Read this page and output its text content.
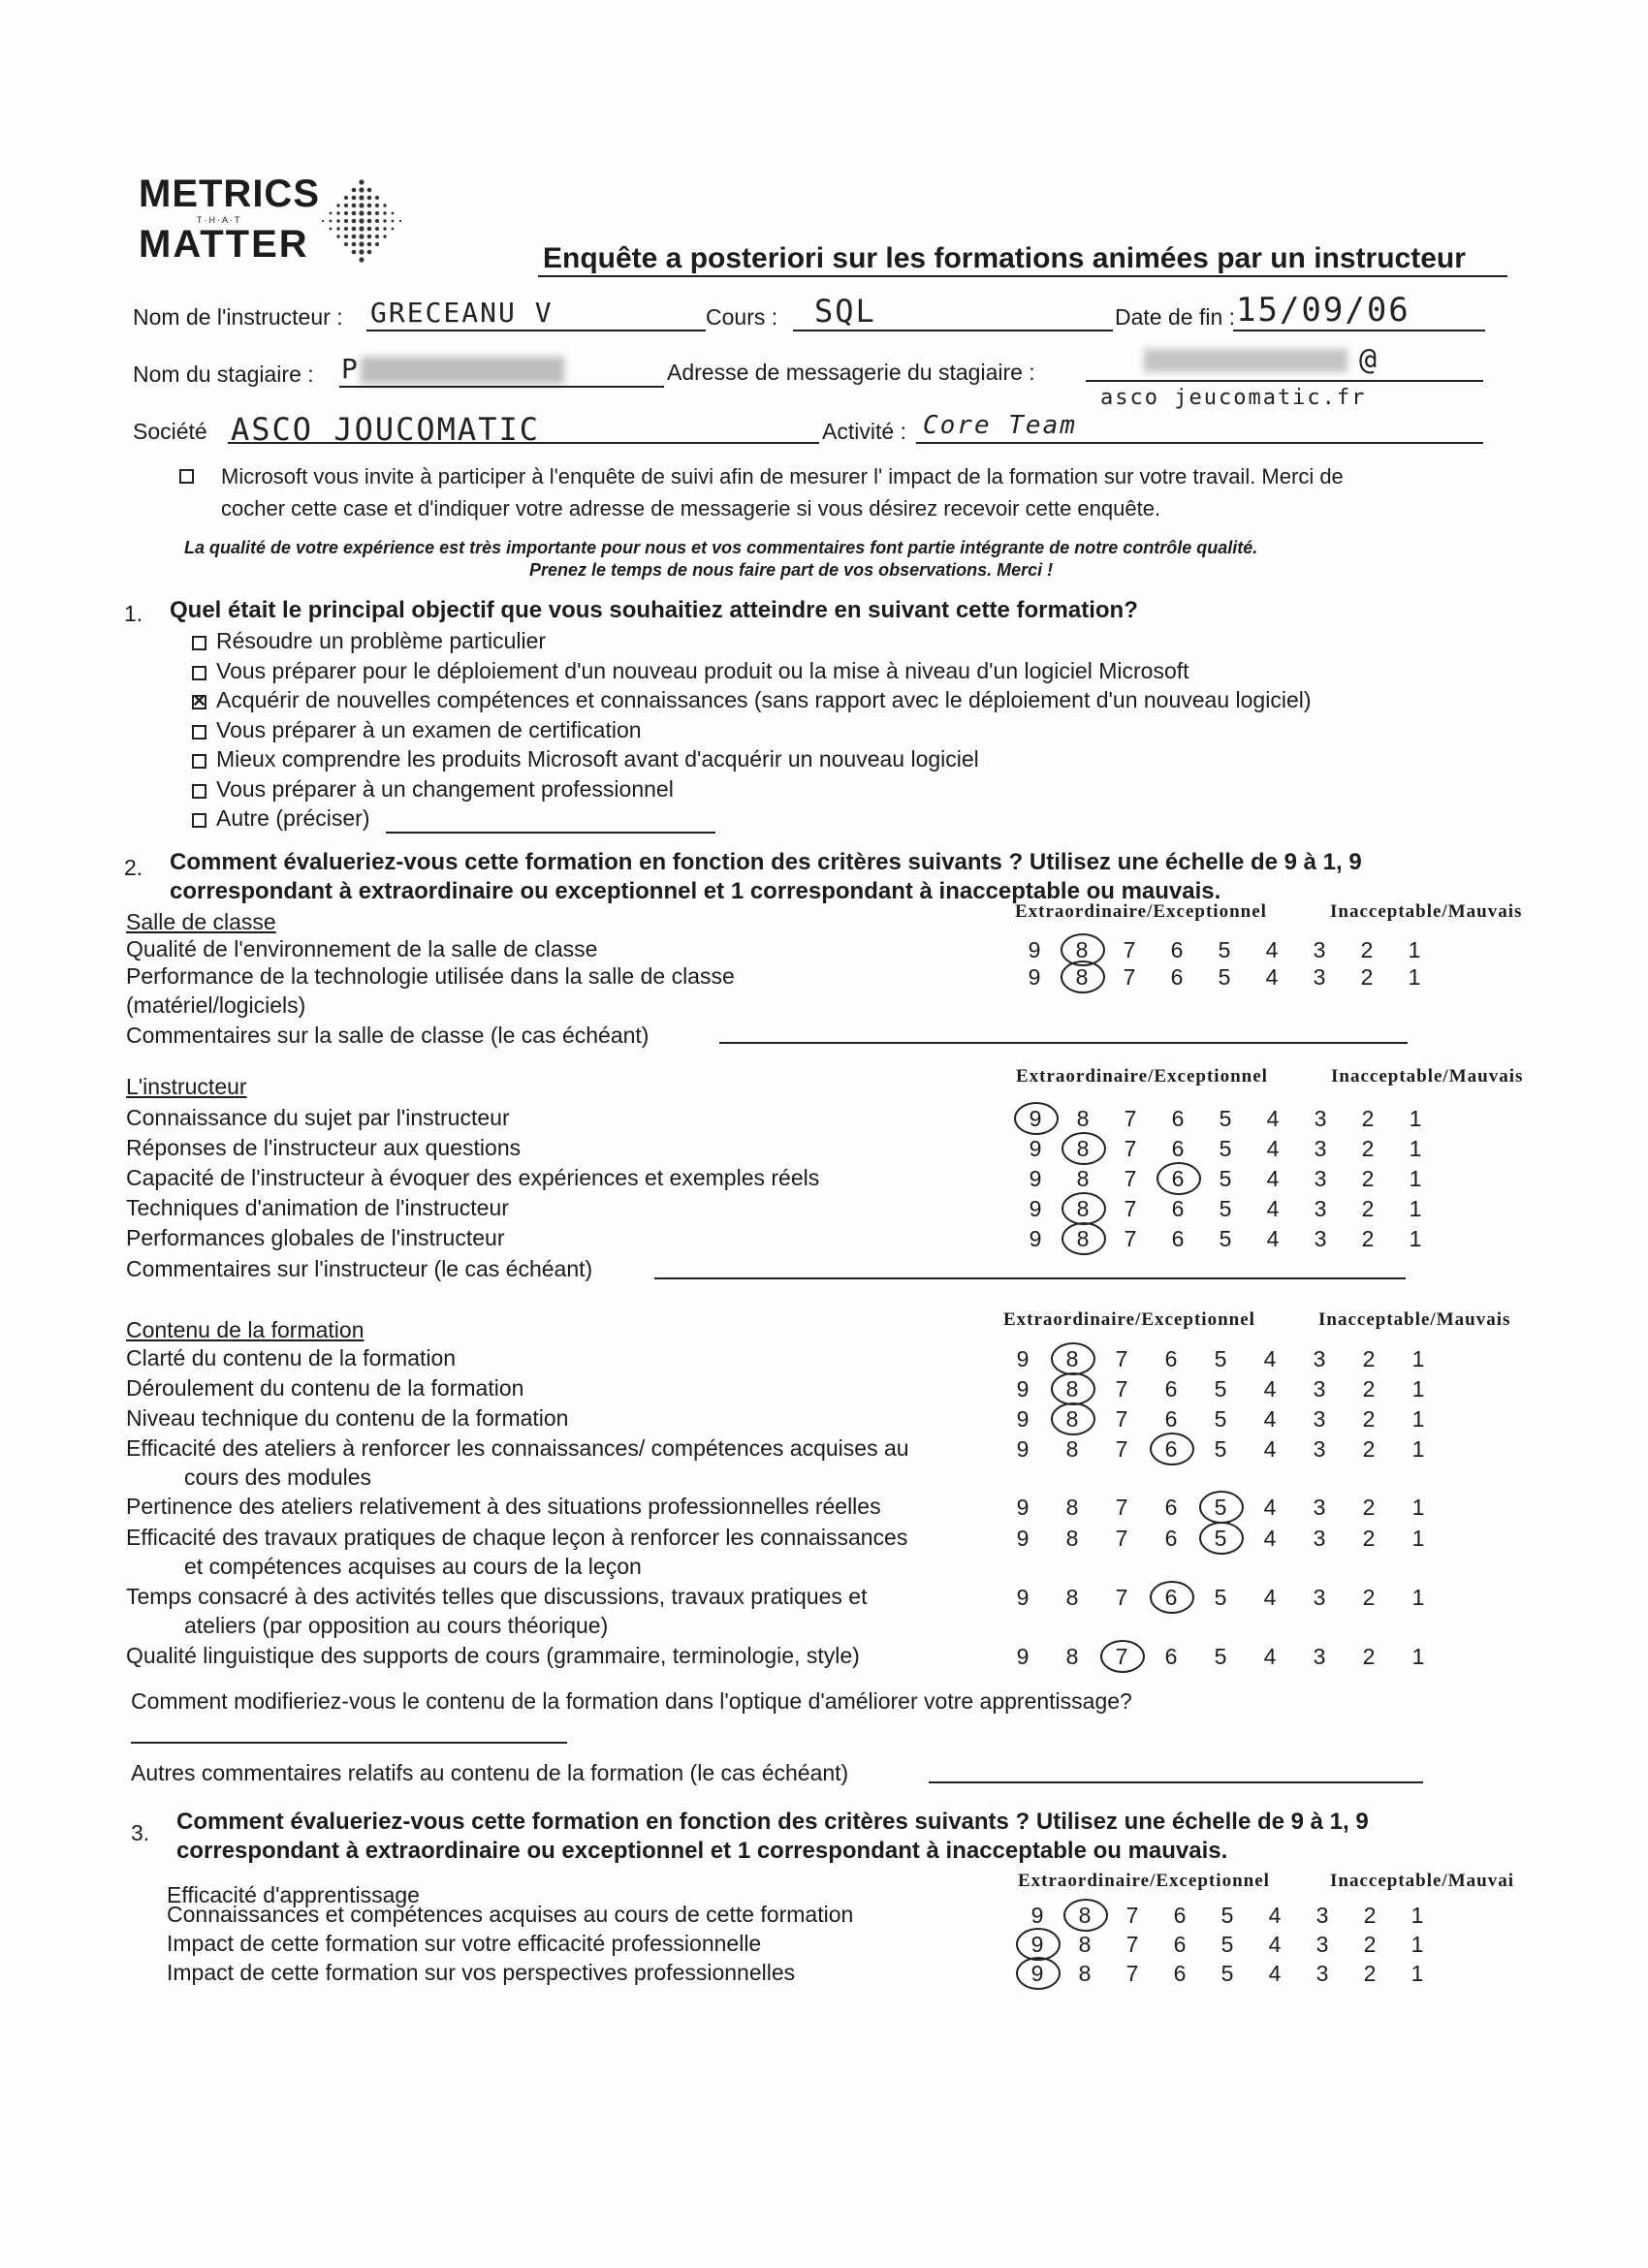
METRICS
T·H·A·T
MATTER	Enquête a posteriori sur les formations animées par un instructeur
Nom de l'instructeur : GRECEANU V	Cours : SQL	Date de fin : 15/09/06
Nom du stagiaire : P	Adresse de messagerie du stagiaire :	@
asco jeucomatic.fr
Société ASCO JOUCOMATIC	Activité : Core Team
Microsoft vous invite à participer à l'enquête de suivi afin de mesurer l' impact de la formation sur votre travail. Merci de
cocher cette case et d'indiquer votre adresse de messagerie si vous désirez recevoir cette enquête.
La qualité de votre expérience est très importante pour nous et vos commentaires font partie intégrante de notre contrôle qualité.
Prenez le temps de nous faire part de vos observations. Merci !
1. Quel était le principal objectif que vous souhaitiez atteindre en suivant cette formation?
Résoudre un problème particulier
Vous préparer pour le déploiement d'un nouveau produit ou la mise à niveau d'un logiciel Microsoft
✕Acquérir de nouvelles compétences et connaissances (sans rapport avec le déploiement d'un nouveau logiciel)
Vous préparer à un examen de certification
Mieux comprendre les produits Microsoft avant d'acquérir un nouveau logiciel
Vous préparer à un changement professionnel
Autre (préciser)
2. Comment évalueriez-vous cette formation en fonction des critères suivants ? Utilisez une échelle de 9 à 1, 9
correspondant à extraordinaire ou exceptionnel et 1 correspondant à inacceptable ou mauvais.
Salle de classe	Extraordinaire/Exceptionnel	Inacceptable/Mauvais
Qualité de l'environnement de la salle de classe	9 8 7 6 5 4 3 2 1
Performance de la technologie utilisée dans la salle de classe
(matériel/logiciels)
9 8 7 6 5 4 3 2 1
Commentaires sur la salle de classe (le cas échéant)
L'instructeur	Extraordinaire/Exceptionnel	Inacceptable/Mauvais
Connaissance du sujet par l'instructeur	9 8 7 6 5 4 3 2 1
Réponses de l'instructeur aux questions	9 8 7 6 5 4 3 2 1
Capacité de l'instructeur à évoquer des expériences et exemples réels	9 8 7 6 5 4 3 2 1
Techniques d'animation de l'instructeur	9 8 7 6 5 4 3 2 1
Performances globales de l'instructeur	9 8 7 6 5 4 3 2 1
Commentaires sur l'instructeur (le cas échéant)
Contenu de la formation	Extraordinaire/Exceptionnel	Inacceptable/Mauvais
Clarté du contenu de la formation	9 8 7 6 5 4 3 2 1
Déroulement du contenu de la formation	9 8 7 6 5 4 3 2 1
Niveau technique du contenu de la formation	9 8 7 6 5 4 3 2 1
Efficacité des ateliers à renforcer les connaissances/ compétences acquises au
cours des modules
9 8 7 6 5 4 3 2 1
Pertinence des ateliers relativement à des situations professionnelles réelles	9 8 7 6 5 4 3 2 1
Efficacité des travaux pratiques de chaque leçon à renforcer les connaissances
et compétences acquises au cours de la leçon
9 8 7 6 5 4 3 2 1
Temps consacré à des activités telles que discussions, travaux pratiques et
ateliers (par opposition au cours théorique)
9 8 7 6 5 4 3 2 1
Qualité linguistique des supports de cours (grammaire, terminologie, style)	9 8 7 6 5 4 3 2 1
Extraordinaire/Exceptionnel	Inacceptable/Mauvai
Connaissances et compétences acquises au cours de cette formation	9 8 7 6 5 4 3 2 1
Impact de cette formation sur votre efficacité professionnelle	9 8 7 6 5 4 3 2 1
Impact de cette formation sur vos perspectives professionnelles	9 8 7 6 5 4 3 2 1
Comment modifieriez-vous le contenu de la formation dans l'optique d'améliorer votre apprentissage?
Autres commentaires relatifs au contenu de la formation (le cas échéant)
3. Comment évalueriez-vous cette formation en fonction des critères suivants ? Utilisez une échelle de 9 à 1, 9
correspondant à extraordinaire ou exceptionnel et 1 correspondant à inacceptable ou mauvais.
Efficacité d'apprentissage
